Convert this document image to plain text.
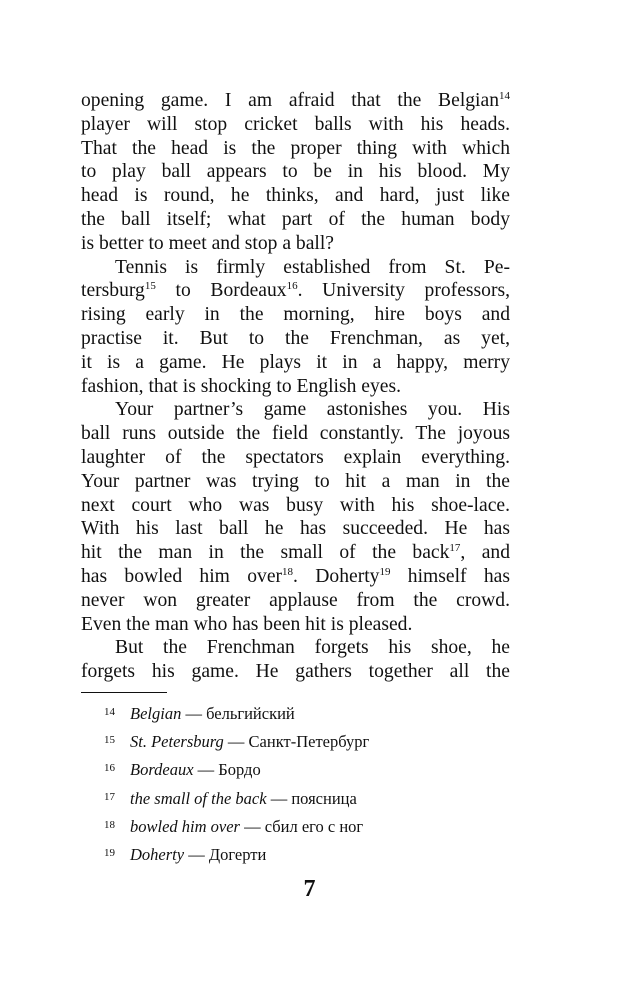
opening game. I am afraid that the Belgian$^{14}$
player will stop cricket balls with his heads.
That the head is the proper thing with which
to play ball appears to be in his blood. My
head is round, he thinks, and hard, just like
the ball itself; what part of the human body
is better to meet and stop a ball?
Tennis is firmly established from St. Pe-
tersburg$^{15}$ to Bordeaux$^{16}$. University professors,
rising early in the morning, hire boys and
practise it. But to the Frenchman, as yet,
it is a game. He plays it in a happy, merry
fashion, that is shocking to English eyes.
Your partner’s game astonishes you. His
ball runs outside the field constantly. The joyous
laughter of the spectators explain everything.
Your partner was trying to hit a man in the
next court who was busy with his shoe-lace.
With his last ball he has succeeded. He has
hit the man in the small of the back$^{17}$, and
has bowled him over$^{18}$. Doherty$^{19}$ himself has
never won greater applause from the crowd.
Even the man who has been hit is pleased.
But the Frenchman forgets his shoe, he
forgets his game. He gathers together all the
14 Belgian — бельгийский
15 St. Petersburg — Санкт-Петербург
16 Bordeaux — Бордо
17 the small of the back — поясница
18 bowled him over — сбил его с ног
19 Doherty — Догерти
7
